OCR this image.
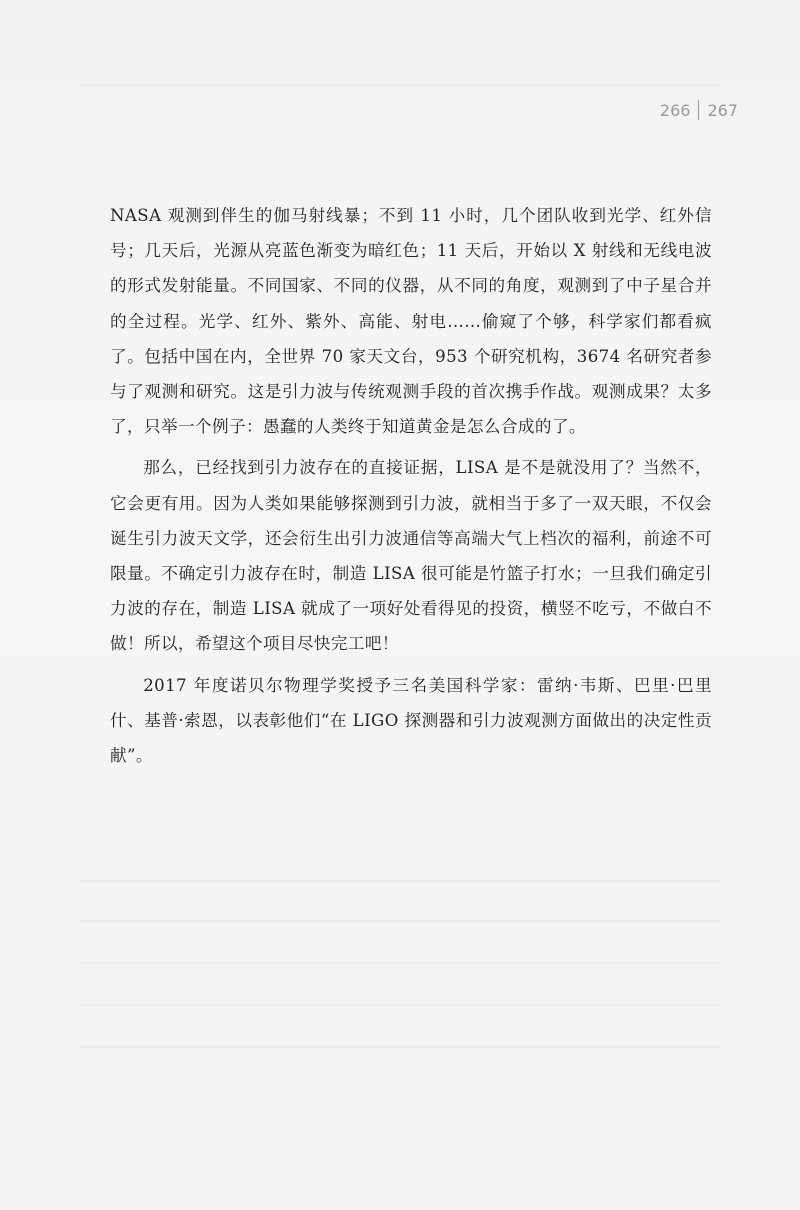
266 267

NASA 观测到伴生的伽马射线暴；不到 11 小时，几个团队收到光学、红外信号；几天后，光源从亮蓝色渐变为暗红色；11 天后，开始以 X 射线和无线电波的形式发射能量。不同国家、不同的仪器，从不同的角度，观测到了中子星合并的全过程。光学、红外、紫外、高能、射电……偷窥了个够，科学家们都看疯了。包括中国在内，全世界 70 家天文台，953 个研究机构，3674 名研究者参与了观测和研究。这是引力波与传统观测手段的首次携手作战。观测成果？太多了，只举一个例子：愚蠢的人类终于知道黄金是怎么合成的了。

那么，已经找到引力波存在的直接证据，LISA 是不是就没用了？当然不，它会更有用。因为人类如果能够探测到引力波，就相当于多了一双天眼，不仅会诞生引力波天文学，还会衍生出引力波通信等高端大气上档次的福利，前途不可限量。不确定引力波存在时，制造 LISA 很可能是竹篮子打水；一旦我们确定引力波的存在，制造 LISA 就成了一项好处看得见的投资，横竖不吃亏，不做白不做！所以，希望这个项目尽快完工吧！

2017 年度诺贝尔物理学奖授予三名美国科学家：雷纳·韦斯、巴里·巴里什、基普·索恩，以表彰他们“在 LIGO 探测器和引力波观测方面做出的决定性贡献”。
